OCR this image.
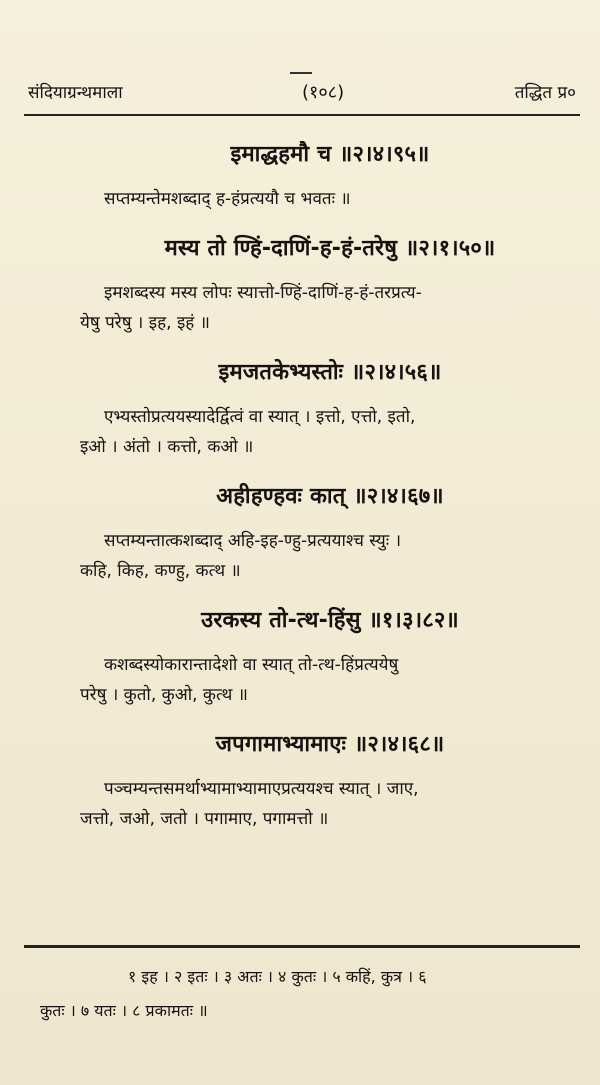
संदियाग्रन्थमाला	(१०८)	तद्धित प्र०
इमाद्धहमौ च ॥२।४।९५॥
सप्तम्यन्तेमशब्दाद् ह-हंप्रत्ययौ च भवतः ॥
मस्य तो ण्हिं-दाणिं-ह-हं-तरेषु ॥२।१।५०॥
इमशब्दस्य मस्य लोपः स्यात्तो-ण्हिं-दाणिं-ह-हं-तरप्रत्य-
येषु परेषु । इह, इहं ॥
इमजतकेभ्यस्तोः ॥२।४।५६॥
एभ्यस्तोप्रत्ययस्यादेर्द्वित्वं वा स्यात् । इत्तो, एत्तो, इतो,
इओ । अंतो । कत्तो, कओ ॥
अहीहण्हवः कात् ॥२।४।६७॥
सप्तम्यन्तात्कशब्दाद् अहि-इह-ण्हु-प्रत्ययाश्च स्युः ।
कहि, किह, कण्हु, कत्थ ॥
उरकस्य तो-त्थ-हिंसु ॥१।३।८२॥
कशब्दस्योकारान्तादेशो वा स्यात् तो-त्थ-हिंप्रत्ययेषु
परेषु । कुतो, कुओ, कुत्थ ॥
जपगामाभ्यामाएः ॥२।४।६८॥
पञ्चम्यन्तसमर्थाभ्यामाभ्यामाएप्रत्ययश्च स्यात् । जाए,
जत्तो, जओ, जतो । पगामाए, पगामत्तो ॥
१ इह । २ इतः । ३ अतः । ४ कुतः । ५ कहिं, कुत्र । ६
कुतः । ७ यतः । ८ प्रकामतः ॥
